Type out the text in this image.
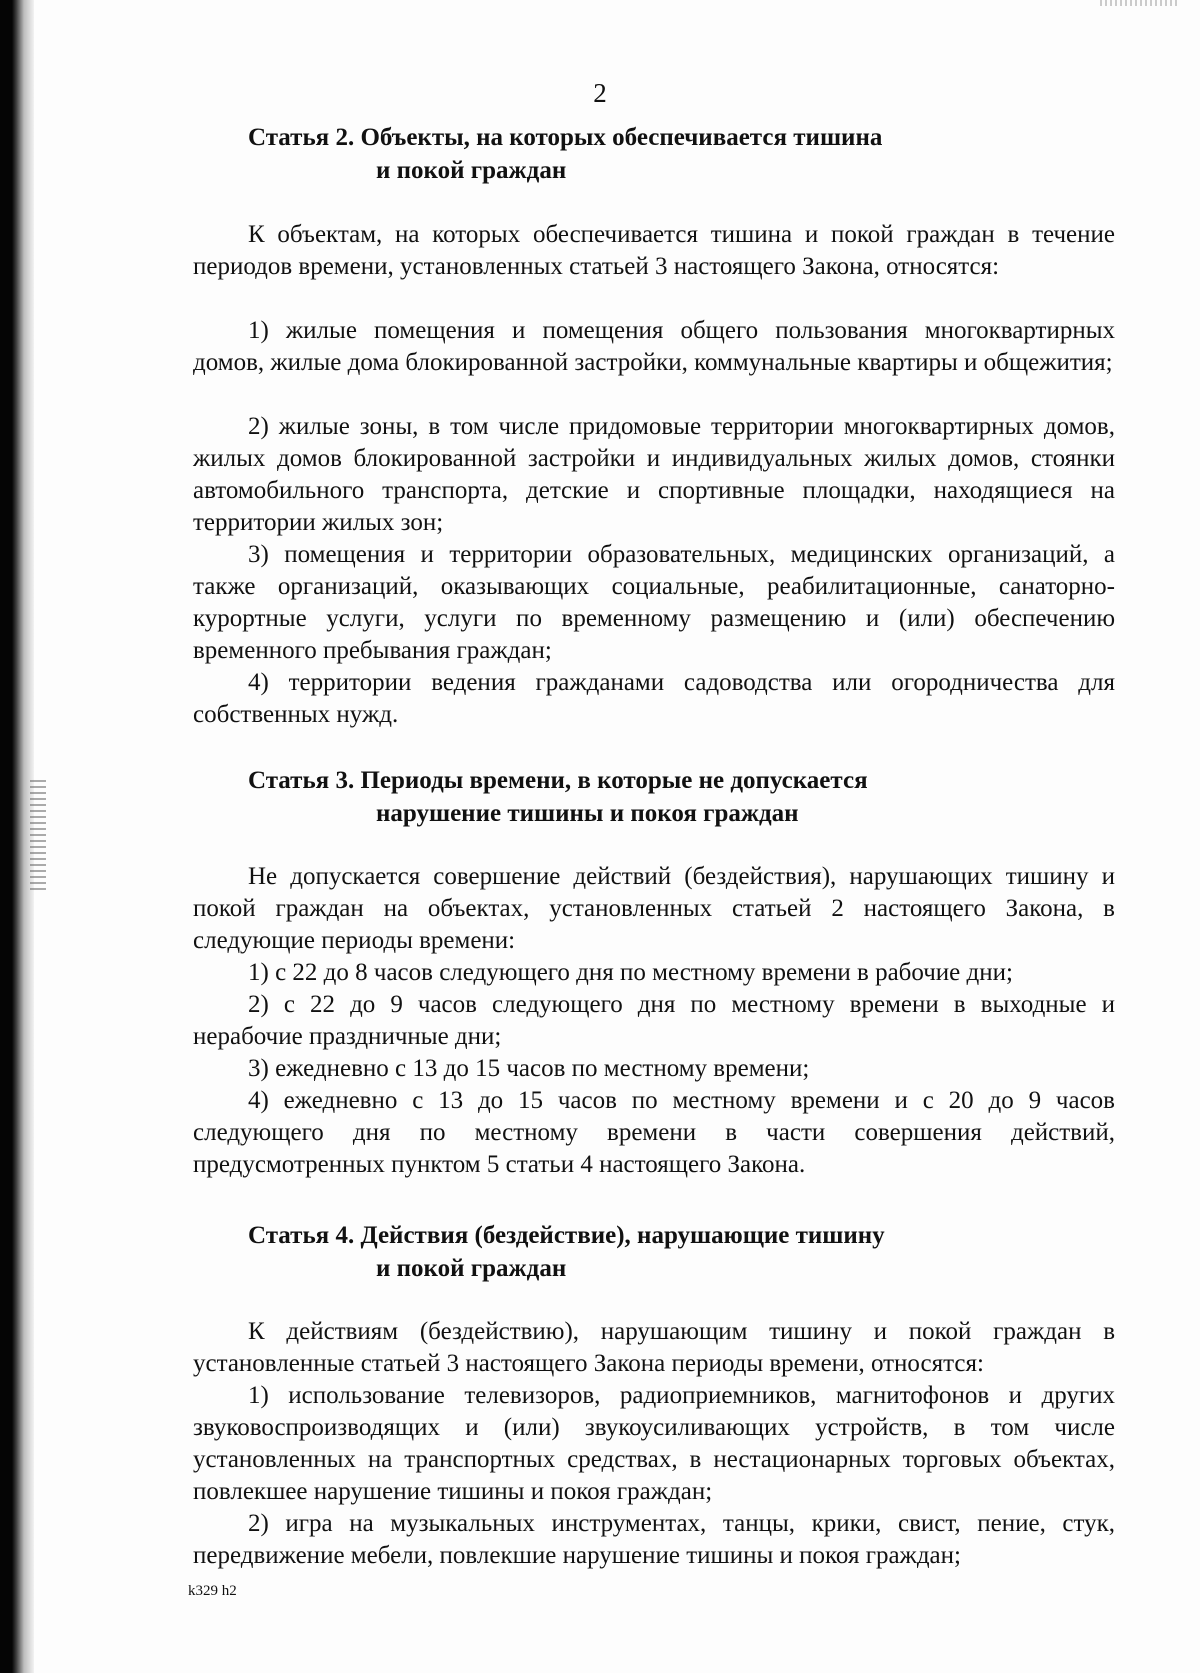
2
Статья 2. Объекты, на которых обеспечивается тишина
и покой граждан
К объектам, на которых обеспечивается тишина и покой граждан в течение периодов времени, установленных статьей 3 настоящего Закона, относятся:
1) жилые помещения и помещения общего пользования многоквартирных домов, жилые дома блокированной застройки, коммунальные квартиры и общежития;
2) жилые зоны, в том числе придомовые территории многоквартирных домов, жилых домов блокированной застройки и индивидуальных жилых домов, стоянки автомобильного транспорта, детские и спортивные площадки, находящиеся на территории жилых зон;
3) помещения и территории образовательных, медицинских организаций, а также организаций, оказывающих социальные, реабилитационные, санаторно-курортные услуги, услуги по временному размещению и (или) обеспечению временного пребывания граждан;
4) территории ведения гражданами садоводства или огородничества для собственных нужд.
Статья 3. Периоды времени, в которые не допускается
нарушение тишины и покоя граждан
Не допускается совершение действий (бездействия), нарушающих тишину и покой граждан на объектах, установленных статьей 2 настоящего Закона, в следующие периоды времени:
1) с 22 до 8 часов следующего дня по местному времени в рабочие дни;
2) с 22 до 9 часов следующего дня по местному времени в выходные и нерабочие праздничные дни;
3) ежедневно с 13 до 15 часов по местному времени;
4) ежедневно с 13 до 15 часов по местному времени и с 20 до 9 часов следующего дня по местному времени в части совершения действий, предусмотренных пунктом 5 статьи 4 настоящего Закона.
Статья 4. Действия (бездействие), нарушающие тишину
и покой граждан
К действиям (бездействию), нарушающим тишину и покой граждан в установленные статьей 3 настоящего Закона периоды времени, относятся:
1) использование телевизоров, радиоприемников, магнитофонов и других звуковоспроизводящих и (или) звукоусиливающих устройств, в том числе установленных на транспортных средствах, в нестационарных торговых объектах, повлекшее нарушение тишины и покоя граждан;
2) игра на музыкальных инструментах, танцы, крики, свист, пение, стук, передвижение мебели, повлекшие нарушение тишины и покоя граждан;
k329 h2
